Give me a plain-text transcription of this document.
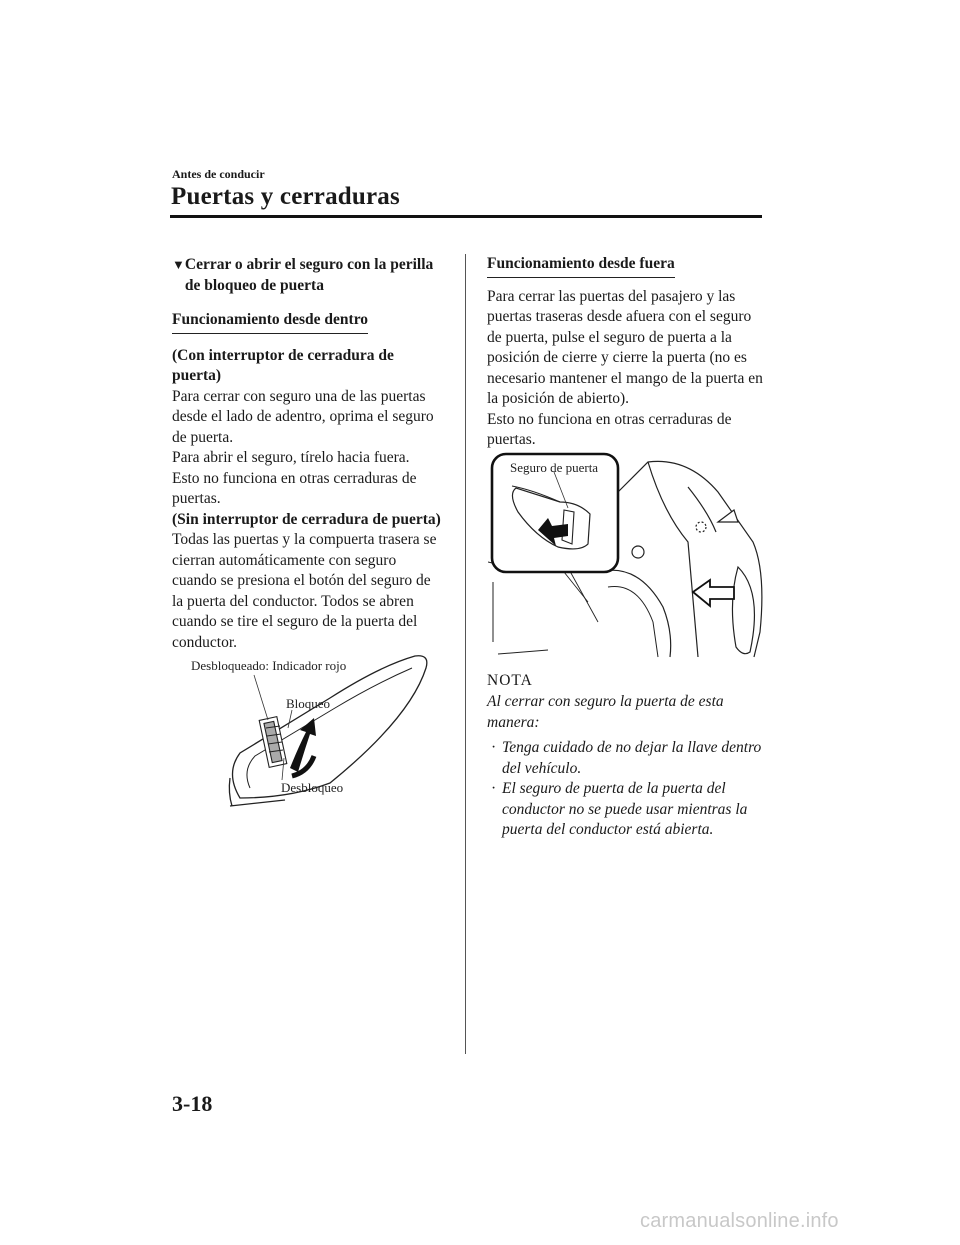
Antes de conducir
Puertas y cerraduras
▼ Cerrar o abrir el seguro con la perilla de bloqueo de puerta
Funcionamiento desde dentro

(Con interruptor de cerradura de puerta)

Para cerrar con seguro una de las puertas desde el lado de adentro, oprima el seguro de puerta.

Para abrir el seguro, tírelo hacia fuera.

Esto no funciona en otras cerraduras de puertas.

(Sin interruptor de cerradura de puerta)

Todas las puertas y la compuerta trasera se cierran automáticamente con seguro cuando se presiona el botón del seguro de la puerta del conductor. Todos se abren cuando se tire el seguro de la puerta del conductor.

Desbloqueado: Indicador rojo
Bloqueo
Desbloqueo
Funcionamiento desde fuera

Para cerrar las puertas del pasajero y las puertas traseras desde afuera con el seguro de puerta, pulse el seguro de puerta a la posición de cierre y cierre la puerta (no es necesario mantener el mango de la puerta en la posición de abierto).

Esto no funciona en otras cerraduras de puertas.

Seguro de puerta
NOTA
Al cerrar con seguro la puerta de esta manera:
· Tenga cuidado de no dejar la llave dentro del vehículo.
· El seguro de puerta de la puerta del conductor no se puede usar mientras la puerta del conductor está abierta.
3-18
carmanualsonline.info
